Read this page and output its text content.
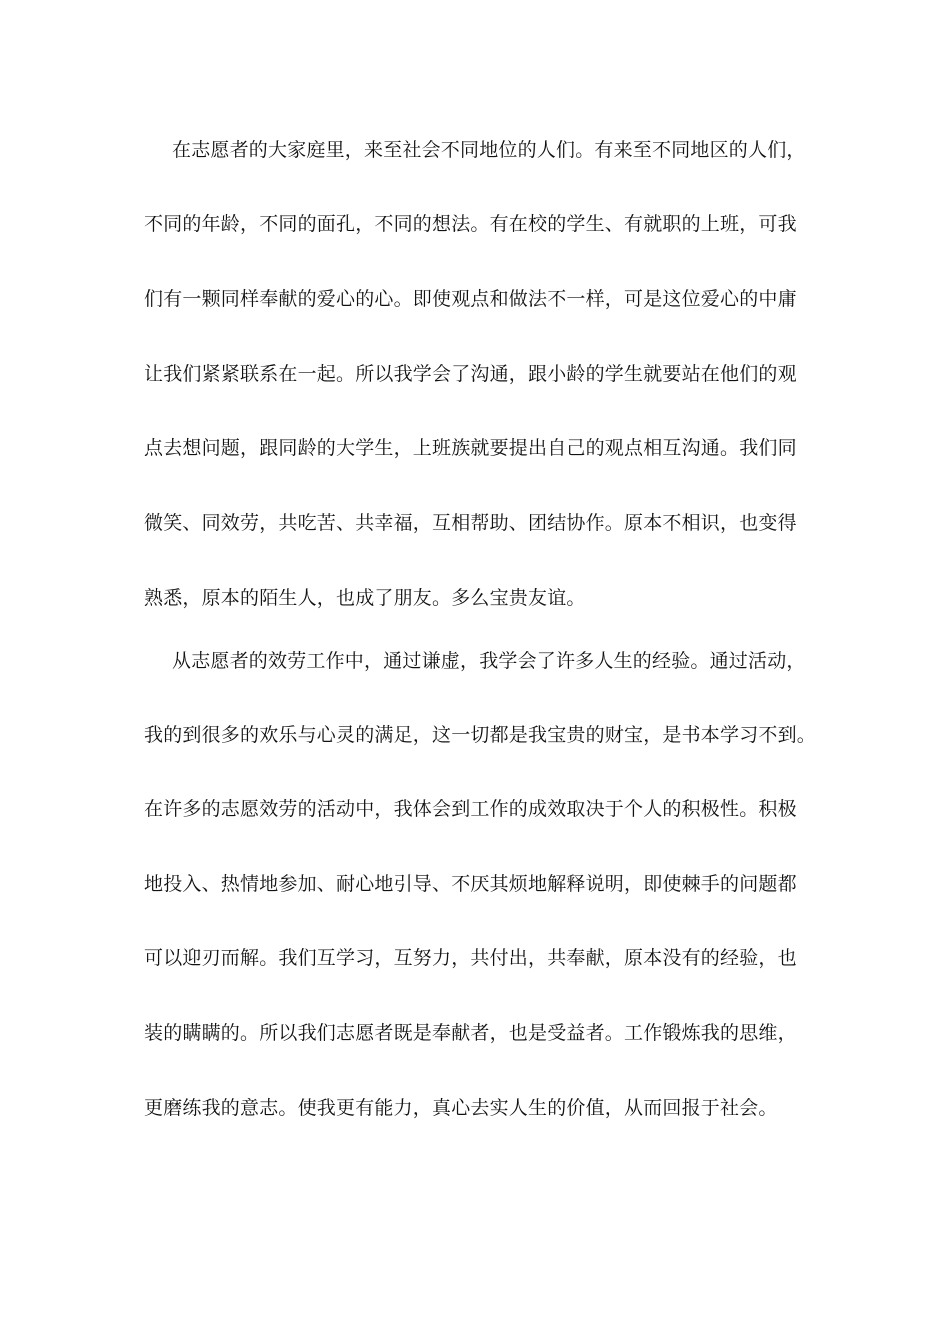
在志愿者的大家庭里，来至社会不同地位的人们。有来至不同地区的人们，
不同的年龄，不同的面孔，不同的想法。有在校的学生、有就职的上班，可我
们有一颗同样奉献的爱心的心。即使观点和做法不一样，可是这位爱心的中庸
让我们紧紧联系在一起。所以我学会了沟通，跟小龄的学生就要站在他们的观
点去想问题，跟同龄的大学生，上班族就要提出自己的观点相互沟通。我们同
微笑、同效劳，共吃苦、共幸福，互相帮助、团结协作。原本不相识，也变得
熟悉，原本的陌生人，也成了朋友。多么宝贵友谊。
从志愿者的效劳工作中，通过谦虚，我学会了许多人生的经验。通过活动，
我的到很多的欢乐与心灵的满足，这一切都是我宝贵的财宝，是书本学习不到。
在许多的志愿效劳的活动中，我体会到工作的成效取决于个人的积极性。积极
地投入、热情地参加、耐心地引导、不厌其烦地解释说明，即使棘手的问题都
可以迎刃而解。我们互学习，互努力，共付出，共奉献，原本没有的经验，也
装的瞒瞒的。所以我们志愿者既是奉献者，也是受益者。工作锻炼我的思维，
更磨练我的意志。使我更有能力，真心去实人生的价值，从而回报于社会。
